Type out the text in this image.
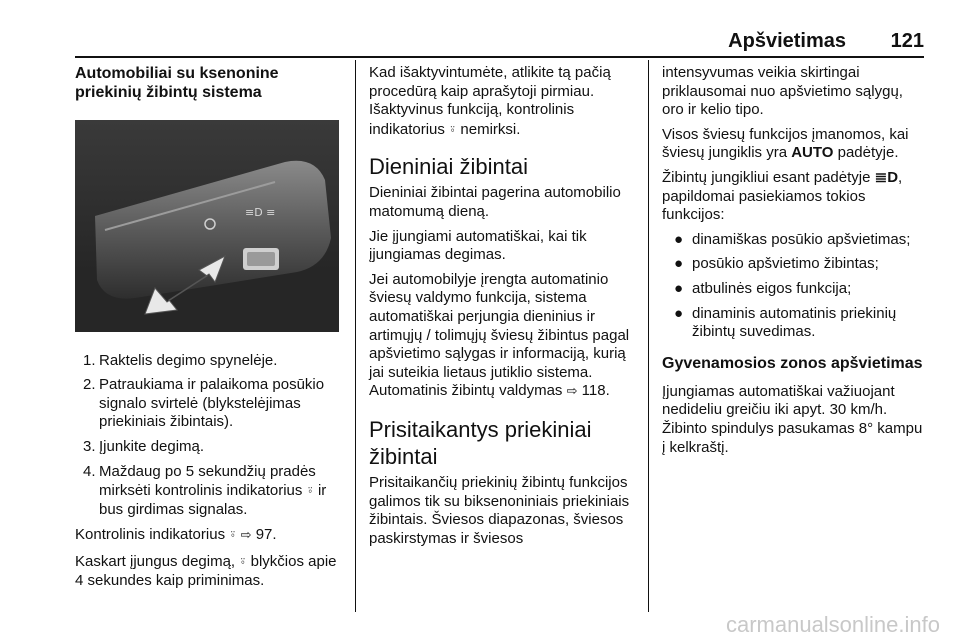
Apšvietimas 121
Automobiliai su ksenonine priekinių žibintų sistema
≡D ≡
1. Raktelis degimo spynelėje.
2. Patraukiama ir palaikoma posūkio signalo svirtelė (blykstelėjimas priekiniais žibintais).
3. Įjunkite degimą.
4. Maždaug po 5 sekundžių pradės mirksėti kontrolinis indikatorius ⍤ ir bus girdimas signalas.

Kontrolinis indikatorius ⍤ ⇨ 97.

Kaskart įjungus degimą, ⍤ blykčios apie 4 sekundes kaip priminimas.

Kad išaktyvintumėte, atlikite tą pačią procedūrą kaip aprašytoji pirmiau. Išaktyvinus funkciją, kontrolinis indikatorius ⍤ nemirksi.

Dieniniai žibintai

Dieniniai žibintai pagerina automobilio matomumą dieną.

Jie įjungiami automatiškai, kai tik įjungiamas degimas.

Jei automobilyje įrengta automatinio šviesų valdymo funkcija, sistema automatiškai perjungia dieninius ir artimųjų / tolimųjų šviesų žibintus pagal apšvietimo sąlygas ir informaciją, kurią jai suteikia lietaus jutiklio sistema. Automatinis žibintų valdymas ⇨ 118.

Prisitaikantys priekiniai žibintai

Prisitaikančių priekinių žibintų funkcijos galimos tik su biksenoniniais priekiniais žibintais. Šviesos diapazonas, šviesos paskirstymas ir šviesos

intensyvumas veikia skirtingai priklausomai nuo apšvietimo sąlygų, oro ir kelio tipo.

Visos šviesų funkcijos įmanomos, kai šviesų jungiklis yra AUTO padėtyje.

Žibintų jungikliui esant padėtyje ≣D, papildomai pasiekiamos tokios funkcijos:

● dinamiškas posūkio apšvietimas;
● posūkio apšvietimo žibintas;
● atbulinės eigos funkcija;
● dinaminis automatinis priekinių žibintų suvedimas.
Gyvenamosios zonos apšvietimas

Įjungiamas automatiškai važiuojant nedideliu greičiu iki apyt. 30 km/h. Žibinto spindulys pasukamas 8° kampu į kelkraštį.

carmanualsonline.info
